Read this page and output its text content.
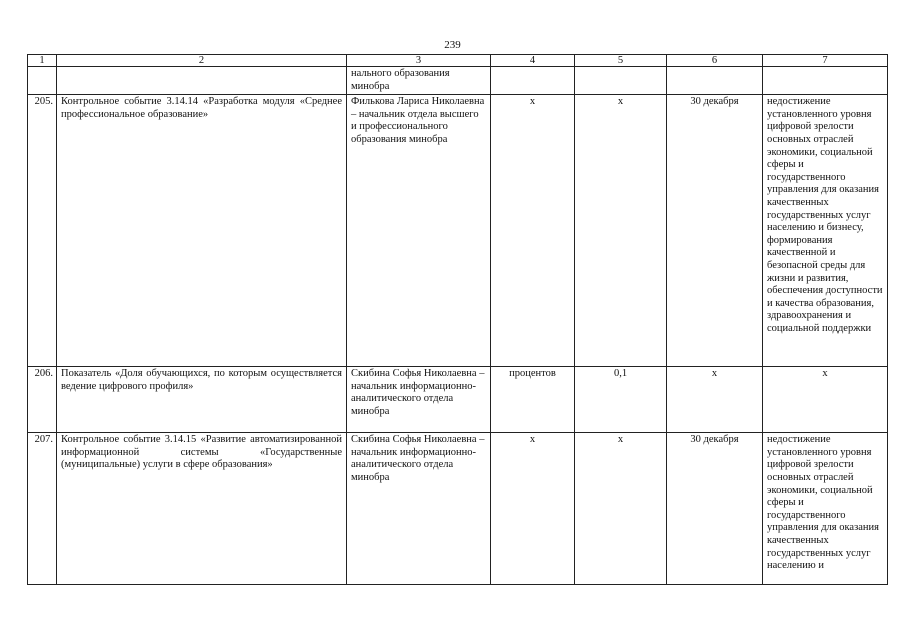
239
1	2	3	4	5	6	7
		нального образования минобра				
205.	Контрольное событие 3.14.14 «Разработка модуля «Среднее профессиональное образование»	Филькова Лариса Николаевна – начальник отдела высшего и профессионального образования минобра	х	х	30 декабря	недостижение установленного уровня цифровой зрелости основных отраслей экономики, социальной сферы и государственного управления для оказания качественных государственных услуг населению и бизнесу, формирования качественной и безопасной среды для жизни и развития, обеспечения доступности и качества образования, здравоохранения и социальной поддержки
206.	Показатель «Доля обучающихся, по которым осуществляется ведение цифрового профиля»	Скибина Софья Николаевна – начальник информационно-аналитического отдела минобра	процентов	0,1	х	х
207.	Контрольное событие 3.14.15 «Развитие автоматизированной информационной системы «Государственные (муниципальные) услуги в сфере образования»	Скибина Софья Николаевна – начальник информационно-аналитического отдела минобра	х	х	30 декабря	недостижение установленного уровня цифровой зрелости основных отраслей экономики, социальной сферы и государственного управления для оказания качественных государственных услуг населению и
